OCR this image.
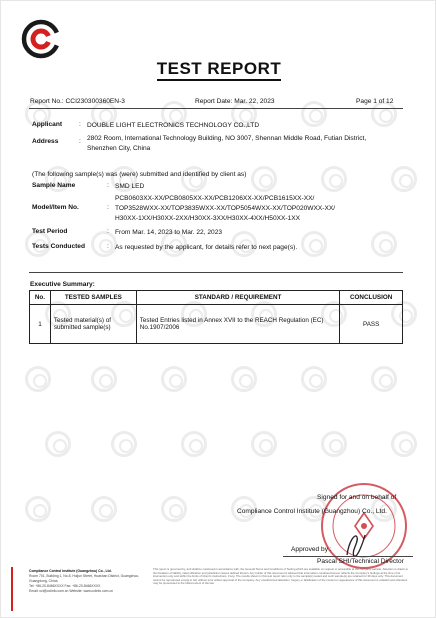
TEST REPORT
Report No.: CCI230300360EN-3	Report Date: Mar. 22, 2023	Page 1 of 12
Applicant	: DOUBLE LIGHT ELECTRONICS TECHNOLOGY CO.,LTD
Address	: 2802 Room, International Technology Building, NO 3007, Shennan Middle Road, Futian District,
Shenzhen City, China
(The following sample(s) was (were) submitted and identified by client as)
Sample Name	: SMD LED
Model/Item No.	:
PCB0603XX-XX/PCB0805XX-XX/PCB1206XX-XX/PCB1615XX-XX/
TOP3528WXX-XX/TOP3835WXX-XX/TOP5054WXX-XX/TOP020WXX-XX/
H30XX-1XX/H30XX-2XX/H30XX-3XX/H30XX-4XX/H50XX-1XX
Test Period	: From Mar. 14, 2023 to Mar. 22, 2023
Tests Conducted	: As requested by the applicant, for details refer to next page(s).
Executive Summary:
No.	TESTED SAMPLES	STANDARD / REQUIREMENT	CONCLUSION
1	Tested material(s) of submitted sample(s)	Tested Entries listed in Annex XVII to the REACH Regulation (EC) No.1907/2006	PASS
Signed for and on behalf of
Compliance Control Institute (Guangzhou) Co., Ltd.
Approved by :
Pascal SHI/Technical Director
Compliance Control Institute (Guangzhou) Co., Ltd.
Room 701, Building 1, No.8, Huijun Street, Huashan District, Guangzhou,
Guangdong, China
Tel: +86-20-8466XXXX Fax: +86-20-8466XXXX
Email: cci@cciinfo.com.cn Website: www.cciinfo.com.cn
This report is governed by, and shall be construed in accordance with, the General Terms and Conditions of Testing which are available on request or accessible at the company website. Attention is drawn to the limitation of liability, indemnification and jurisdiction issues defined therein. Any holder of this document is advised that information contained hereon reflects the Company's findings at the time of its intervention only and within the limits of Client's instructions, if any. The results shown in this test report refer only to the sample(s) tested and such sample(s) are retained for 30 days only. This document cannot be reproduced except in full, without prior written approval of the Company. Any unauthorized alteration, forgery or falsification of the content or appearance of this document is unlawful and offenders may be prosecuted to the fullest extent of the law.
